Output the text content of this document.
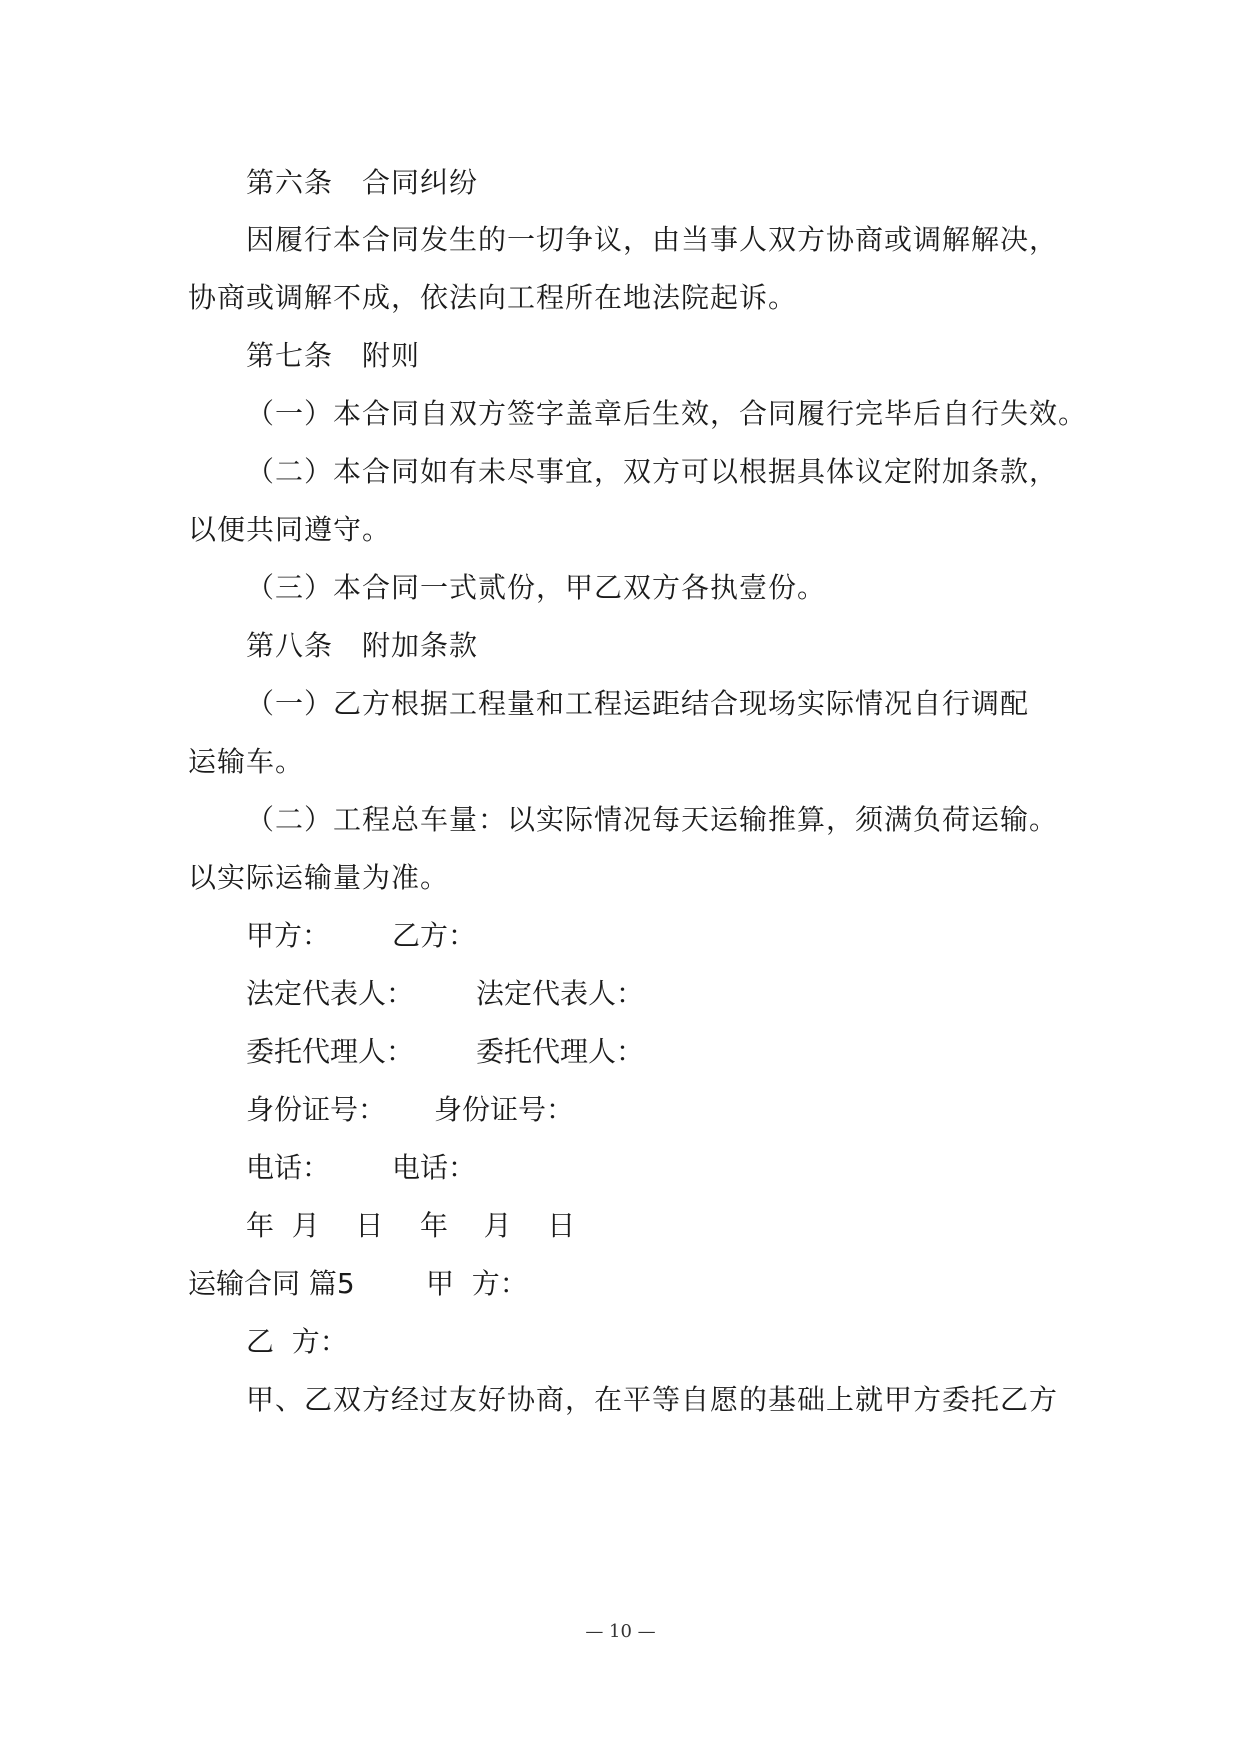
第六条　合同纠纷
因履行本合同发生的一切争议，由当事人双方协商或调解解决，
协商或调解不成，依法向工程所在地法院起诉。
第七条　附则
（一）本合同自双方签字盖章后生效，合同履行完毕后自行失效。
（二）本合同如有未尽事宜，双方可以根据具体议定附加条款，
以便共同遵守。
（三）本合同一式贰份，甲乙双方各执壹份。
第八条　附加条款
（一）乙方根据工程量和工程运距结合现场实际情况自行调配
运输车。
（二）工程总车量：以实际情况每天运输推算，须满负荷运输。
以实际运输量为准。
甲方： 乙方：
法定代表人： 法定代表人：
委托代理人： 委托代理人：
身份证号： 身份证号：
电话： 电话：
年  月    日 年    月    日
运输合同 篇5	甲  方：
乙  方：
甲、乙双方经过友好协商，在平等自愿的基础上就甲方委托乙方
— 10 —
